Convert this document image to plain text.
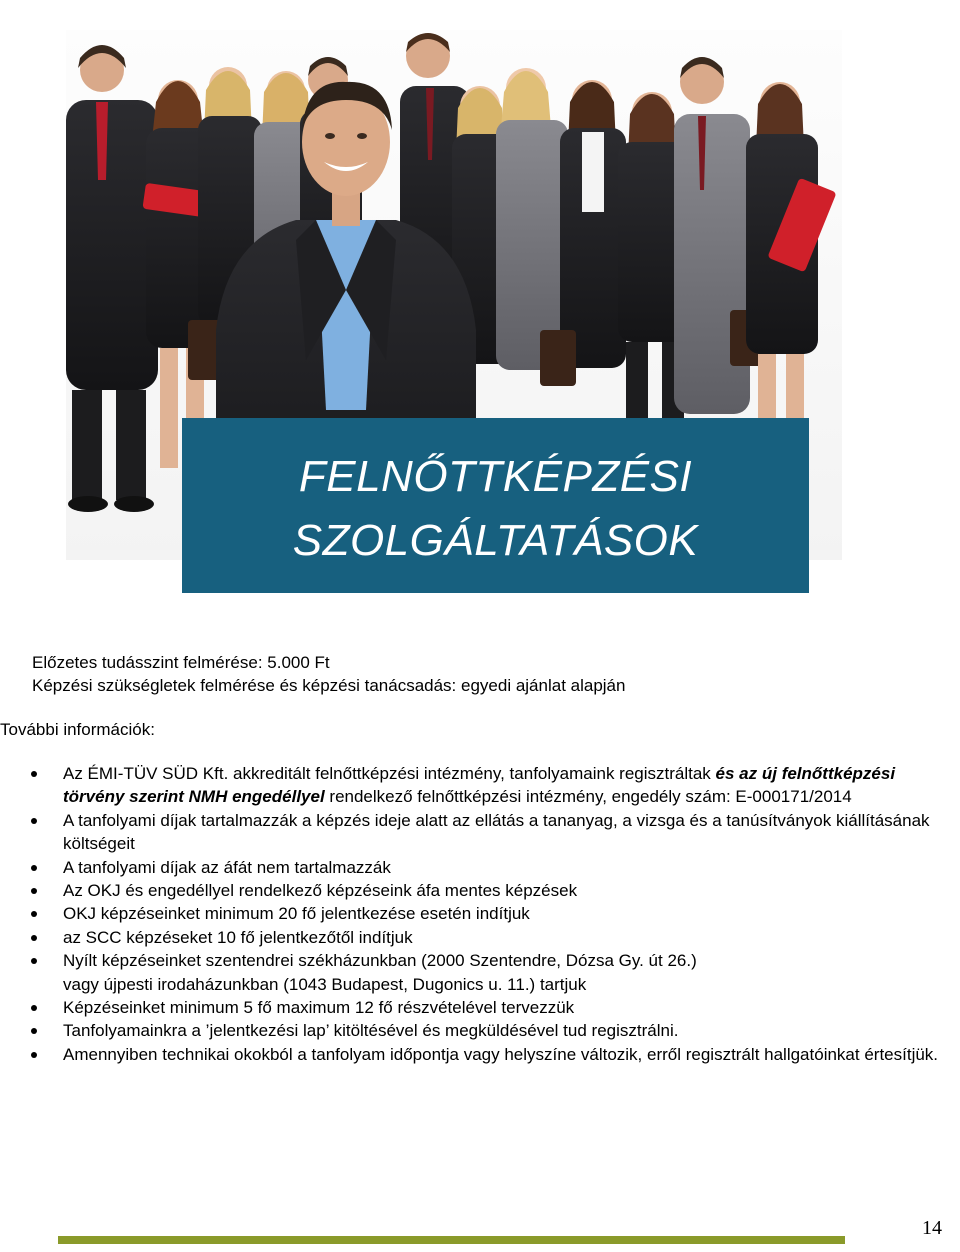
FELNŐTTKÉPZÉSI
SZOLGÁLTATÁSOK
Előzetes tudásszint felmérése: 5.000 Ft
Képzési szükségletek felmérése és képzési tanácsadás: egyedi ajánlat alapján
További információk:
Az ÉMI-TÜV SÜD Kft. akkreditált felnőttképzési intézmény, tanfolyamaink regisztráltak és az új felnőttképzési törvény szerint NMH engedéllyel rendelkező felnőttképzési intézmény, engedély szám: E-000171/2014
A tanfolyami díjak tartalmazzák a képzés ideje alatt az ellátás a tananyag, a vizsga és a tanúsítványok kiállításának költségeit
A tanfolyami díjak az áfát nem tartalmazzák
Az OKJ és engedéllyel rendelkező képzéseink áfa mentes képzések
OKJ képzéseinket minimum 20 fő jelentkezése esetén indítjuk
az SCC képzéseket 10 fő jelentkezőtől indítjuk
Nyílt képzéseinket szentendrei székházunkban (2000 Szentendre, Dózsa Gy. út 26.)
vagy újpesti irodaházunkban (1043 Budapest, Dugonics u. 11.) tartjuk
Képzéseinket minimum 5 fő maximum 12 fő részvételével tervezzük
Tanfolyamainkra a ’jelentkezési lap’ kitöltésével és megküldésével tud regisztrálni.
Amennyiben technikai okokból a tanfolyam időpontja vagy helyszíne változik, erről regisztrált hallgatóinkat értesítjük.
14
